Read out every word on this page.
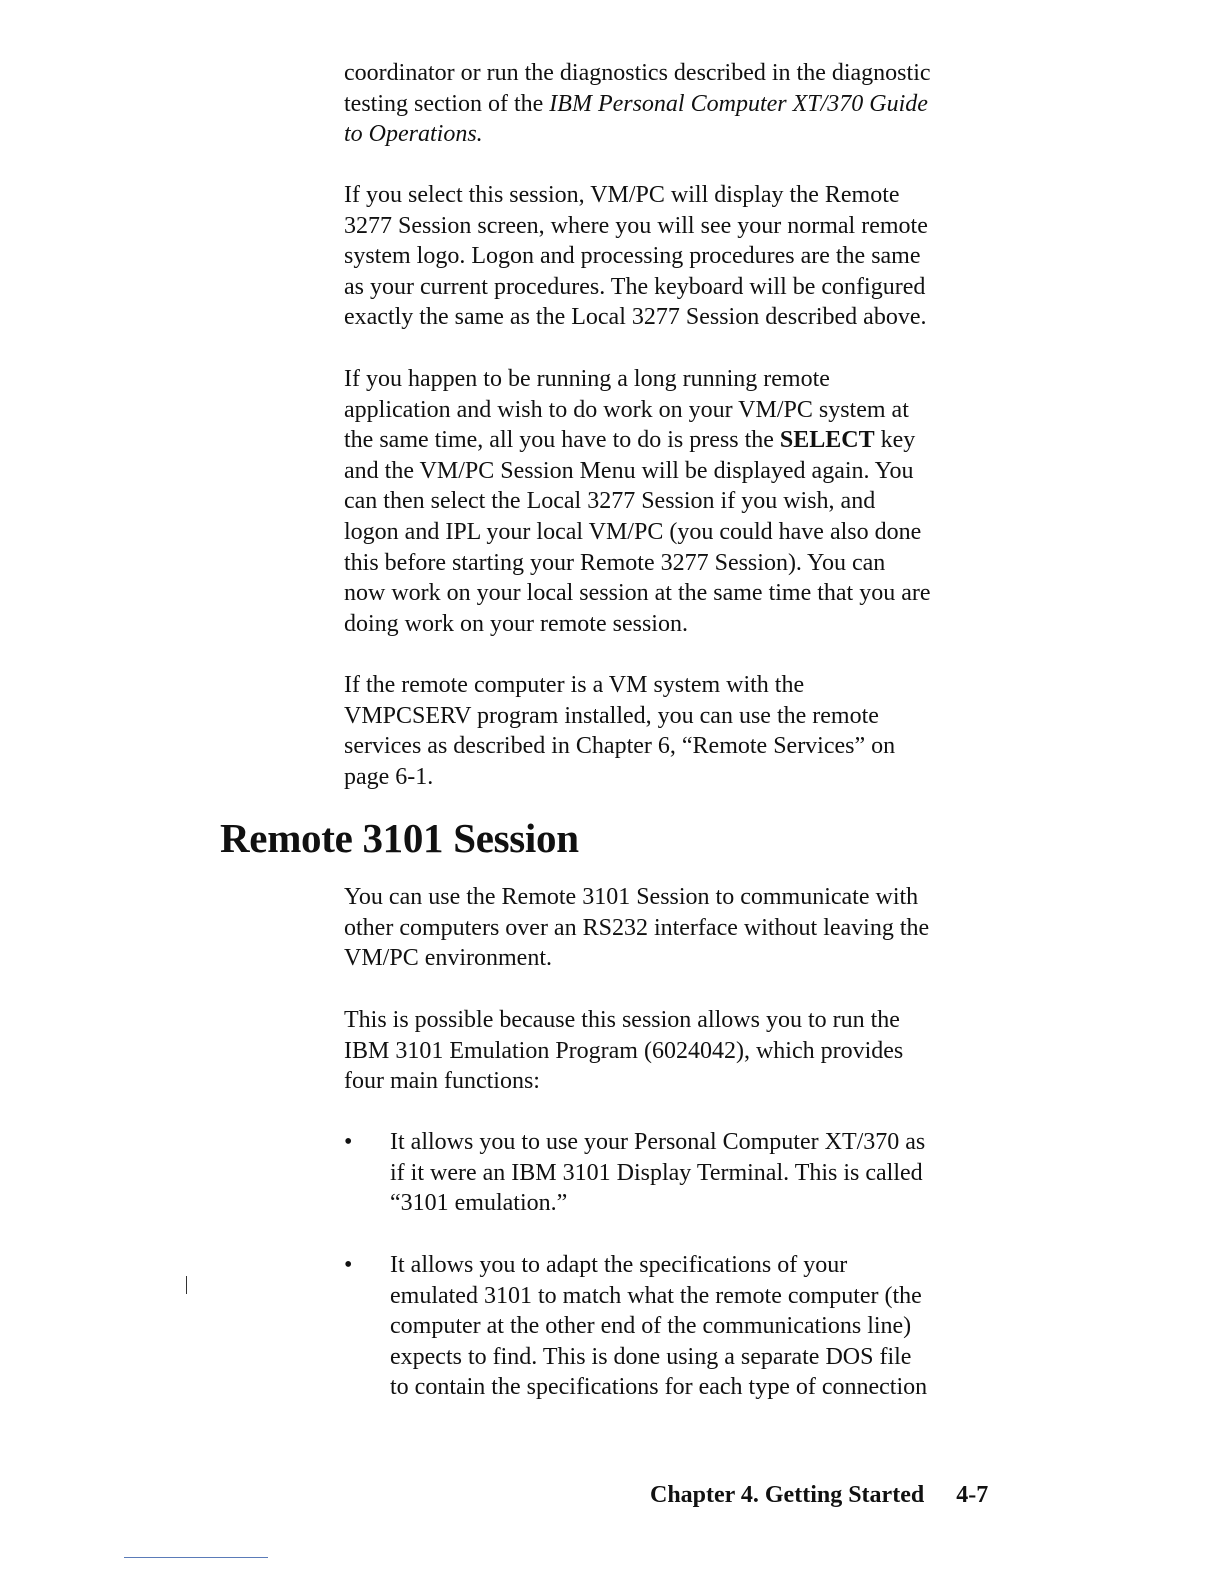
coordinator or run the diagnostics described in the diagnostic
testing section of the IBM Personal Computer XT/370 Guide
to Operations.
If you select this session, VM/PC will display the Remote
3277 Session screen, where you will see your normal remote
system logo. Logon and processing procedures are the same
as your current procedures. The keyboard will be configured
exactly the same as the Local 3277 Session described above.
If you happen to be running a long running remote
application and wish to do work on your VM/PC system at
the same time, all you have to do is press the SELECT key
and the VM/PC Session Menu will be displayed again. You
can then select the Local 3277 Session if you wish, and
logon and IPL your local VM/PC (you could have also done
this before starting your Remote 3277 Session). You can
now work on your local session at the same time that you are
doing work on your remote session.
If the remote computer is a VM system with the
VMPCSERV program installed, you can use the remote
services as described in Chapter 6, “Remote Services” on
page 6-1.
Remote 3101 Session
You can use the Remote 3101 Session to communicate with
other computers over an RS232 interface without leaving the
VM/PC environment.
This is possible because this session allows you to run the
IBM 3101 Emulation Program (6024042), which provides
four main functions:
• It allows you to use your Personal Computer XT/370 as
if it were an IBM 3101 Display Terminal. This is called
“3101 emulation.”
• It allows you to adapt the specifications of your
emulated 3101 to match what the remote computer (the
computer at the other end of the communications line)
expects to find. This is done using a separate DOS file
to contain the specifications for each type of connection
Chapter 4. Getting Started 4-7
